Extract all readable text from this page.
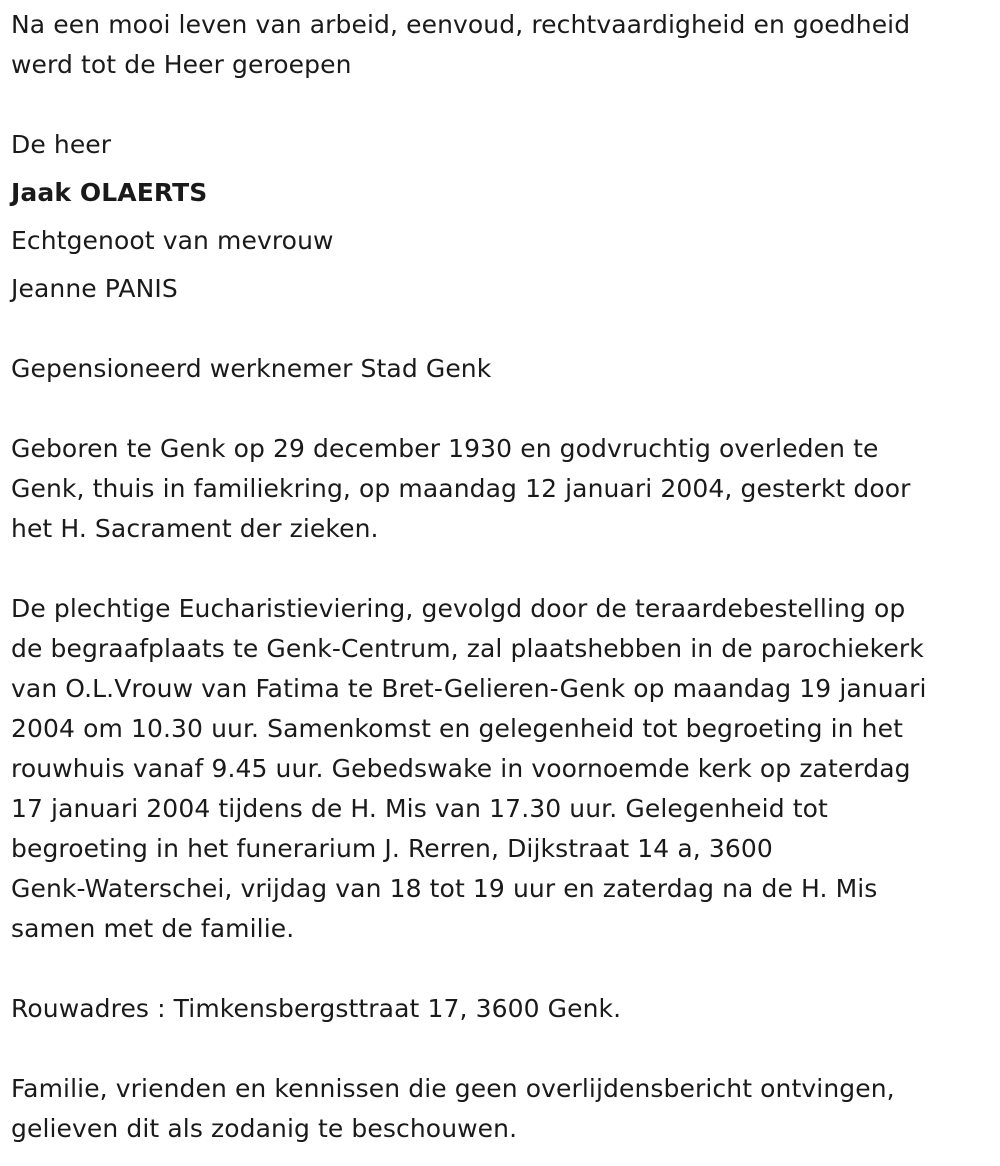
Na een mooi leven van arbeid, eenvoud, rechtvaardigheid en goedheid
werd tot de Heer geroepen
De heer
Jaak OLAERTS
Echtgenoot van mevrouw
Jeanne PANIS
Gepensioneerd werknemer Stad Genk
Geboren te Genk op 29 december 1930 en godvruchtig overleden te
Genk, thuis in familiekring, op maandag 12 januari 2004, gesterkt door
het H. Sacrament der zieken.
De plechtige Eucharistieviering, gevolgd door de teraardebestelling op
de begraafplaats te Genk-Centrum, zal plaatshebben in de parochiekerk
van O.L.Vrouw van Fatima te Bret-Gelieren-Genk op maandag 19 januari
2004 om 10.30 uur. Samenkomst en gelegenheid tot begroeting in het
rouwhuis vanaf 9.45 uur. Gebedswake in voornoemde kerk op zaterdag
17 januari 2004 tijdens de H. Mis van 17.30 uur. Gelegenheid tot
begroeting in het funerarium J. Rerren, Dijkstraat 14 a, 3600
Genk-Waterschei, vrijdag van 18 tot 19 uur en zaterdag na de H. Mis
samen met de familie.
Rouwadres : Timkensbergsttraat 17, 3600 Genk.
Familie, vrienden en kennissen die geen overlijdensbericht ontvingen,
gelieven dit als zodanig te beschouwen.
